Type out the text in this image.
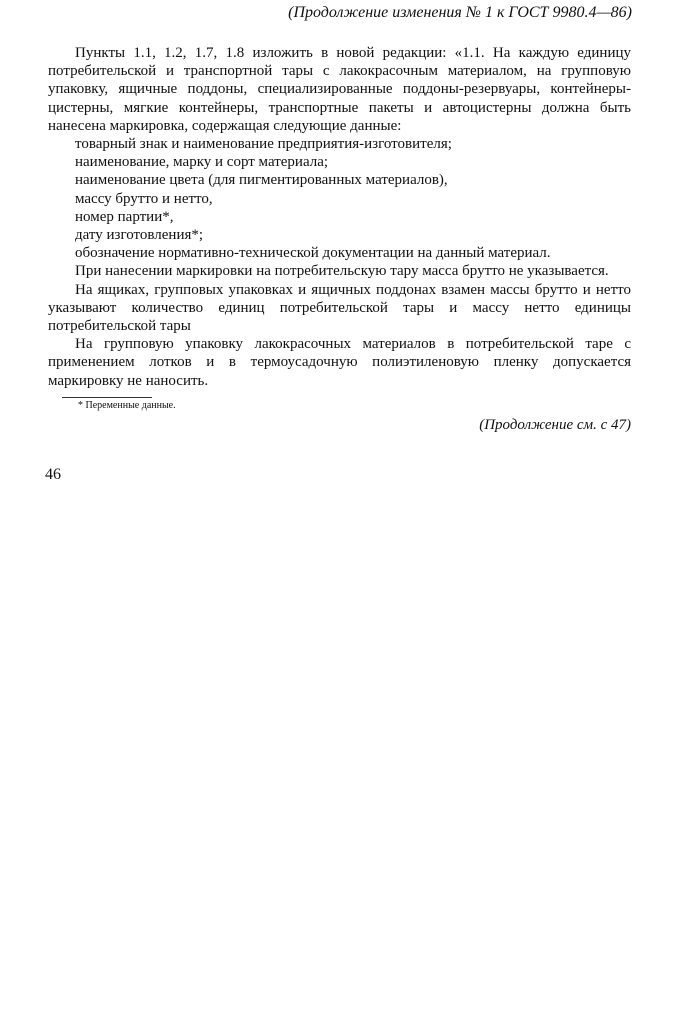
(Продолжение изменения № 1 к ГОСТ 9980.4—86)

Пункты 1.1, 1.2, 1.7, 1.8 изложить в новой редакции: «1.1. На каждую единицу потребительской и транспортной тары с лакокрасочным материалом, на групповую упаковку, ящичные поддоны, специализированные поддоны-резервуары, контейнеры-цистерны, мягкие контейнеры, транспортные пакеты и автоцистерны должна быть нанесена маркировка, содержащая следующие данные:

товарный знак и наименование предприятия-изготовителя;

наименование, марку и сорт материала;

наименование цвета (для пигментированных материалов),

массу брутто и нетто,

номер партии*,

дату изготовления*;

обозначение нормативно-технической документации на данный материал.

При нанесении маркировки на потребительскую тару масса брутто не указывается.

На ящиках, групповых упаковках и ящичных поддонах взамен массы брутто и нетто указывают количество единиц потребительской тары и массу нетто единицы потребительской тары

На групповую упаковку лакокрасочных материалов в потребительской таре с применением лотков и в термоусадочную полиэтиленовую пленку допускается маркировку не наносить.

* Переменные данные.

(Продолжение см. с 47)

46
